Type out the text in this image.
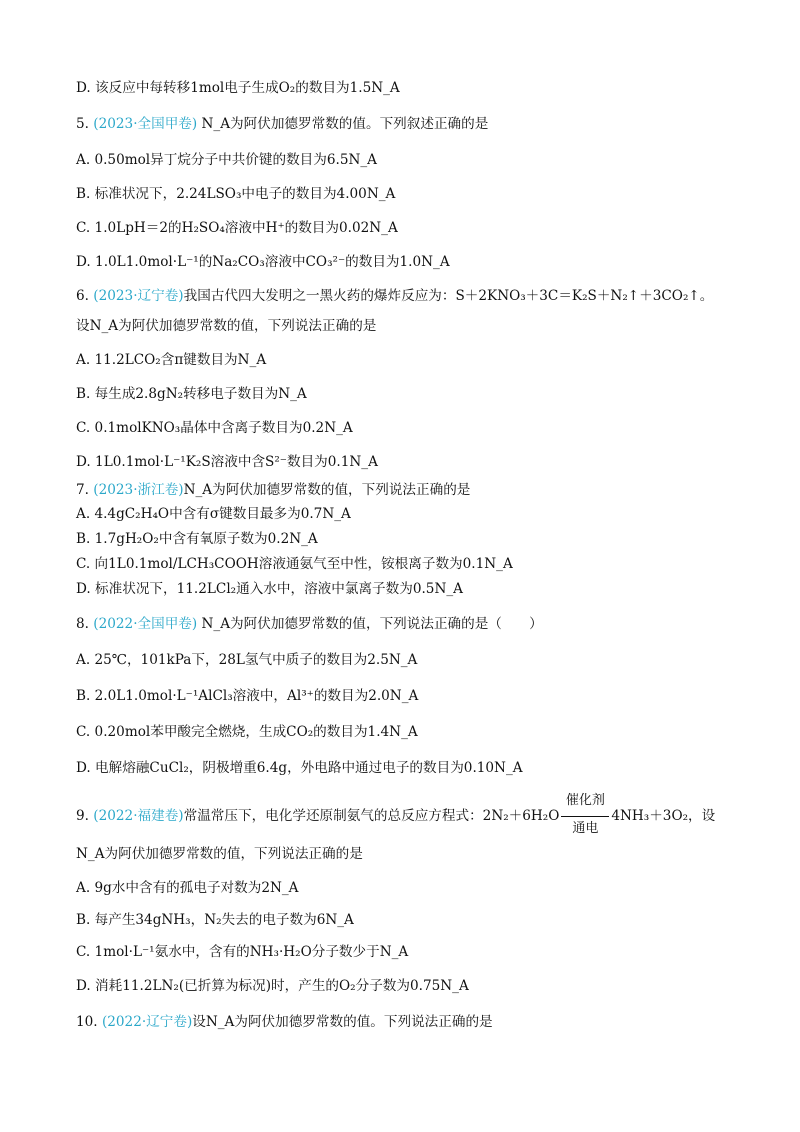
D. 该反应中每转移1mol电子生成O₂的数目为1.5N_A
5. (2023·全国甲卷) N_A为阿伏加德罗常数的值。下列叙述正确的是
A. 0.50mol异丁烷分子中共价键的数目为6.5N_A
B. 标准状况下，2.24LSO₃中电子的数目为4.00N_A
C. 1.0LpH＝2的H₂SO₄溶液中H⁺的数目为0.02N_A
D. 1.0L1.0mol·L⁻¹的Na₂CO₃溶液中CO₃²⁻的数目为1.0N_A
6. (2023·辽宁卷)我国古代四大发明之一黑火药的爆炸反应为：S＋2KNO₃＋3C＝K₂S＋N₂↑＋3CO₂↑。
设N_A为阿伏加德罗常数的值，下列说法正确的是
A. 11.2LCO₂含π键数目为N_A
B. 每生成2.8gN₂转移电子数目为N_A
C. 0.1molKNO₃晶体中含离子数目为0.2N_A
D. 1L0.1mol·L⁻¹K₂S溶液中含S²⁻数目为0.1N_A
7. (2023·浙江卷)N_A为阿伏加德罗常数的值，下列说法正确的是
A. 4.4gC₂H₄O中含有σ键数目最多为0.7N_A
B. 1.7gH₂O₂中含有氧原子数为0.2N_A
C. 向1L0.1mol/LCH₃COOH溶液通氨气至中性，铵根离子数为0.1N_A
D. 标准状况下，11.2LCl₂通入水中，溶液中氯离子数为0.5N_A
8. (2022·全国甲卷) N_A为阿伏加德罗常数的值，下列说法正确的是（　　）
A. 25℃，101kPa下，28L氢气中质子的数目为2.5N_A
B. 2.0L1.0mol·L⁻¹AlCl₃溶液中，Al³⁺的数目为2.0N_A
C. 0.20mol苯甲酸完全燃烧，生成CO₂的数目为1.4N_A
D. 电解熔融CuCl₂，阴极增重6.4g，外电路中通过电子的数目为0.10N_A
9. (2022·福建卷)常温常压下，电化学还原制氨气的总反应方程式：2N₂＋6H₂O
催化剂
通电
4NH₃＋3O₂，设
N_A为阿伏加德罗常数的值，下列说法正确的是
A. 9g水中含有的孤电子对数为2N_A
B. 每产生34gNH₃，N₂失去的电子数为6N_A
C. 1mol·L⁻¹氨水中，含有的NH₃·H₂O分子数少于N_A
D. 消耗11.2LN₂(已折算为标况)时，产生的O₂分子数为0.75N_A
10. (2022·辽宁卷)设N_A为阿伏加德罗常数的值。下列说法正确的是
